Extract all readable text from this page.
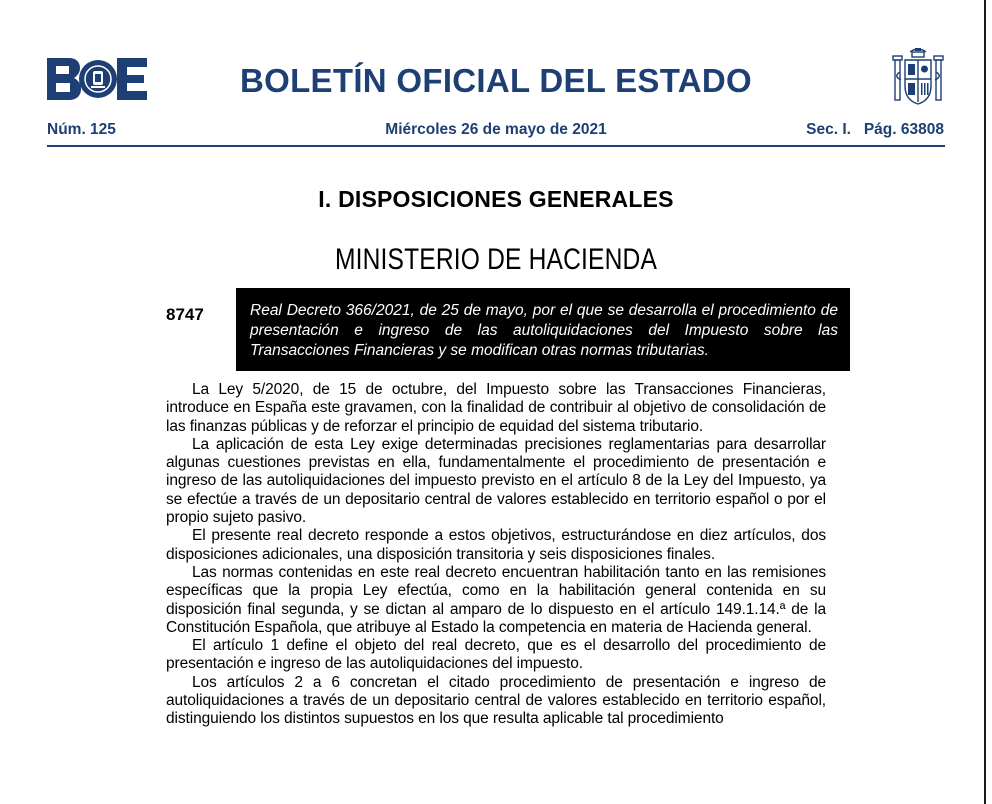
BOLETÍN OFICIAL DEL ESTADO
Núm. 125	Miércoles 26 de mayo de 2021	Sec. I.   Pág. 63808
I. DISPOSICIONES GENERALES
MINISTERIO DE HACIENDA
8747	Real Decreto 366/2021, de 25 de mayo, por el que se desarrolla el procedimiento de presentación e ingreso de las autoliquidaciones del Impuesto sobre las Transacciones Financieras y se modifican otras normas tributarias.

La Ley 5/2020, de 15 de octubre, del Impuesto sobre las Transacciones Financieras, introduce en España este gravamen, con la finalidad de contribuir al objetivo de consolidación de las finanzas públicas y de reforzar el principio de equidad del sistema tributario.

La aplicación de esta Ley exige determinadas precisiones reglamentarias para desarrollar algunas cuestiones previstas en ella, fundamentalmente el procedimiento de presentación e ingreso de las autoliquidaciones del impuesto previsto en el artículo 8 de la Ley del Impuesto, ya se efectúe a través de un depositario central de valores establecido en territorio español o por el propio sujeto pasivo.

El presente real decreto responde a estos objetivos, estructurándose en diez artículos, dos disposiciones adicionales, una disposición transitoria y seis disposiciones finales.

Las normas contenidas en este real decreto encuentran habilitación tanto en las remisiones específicas que la propia Ley efectúa, como en la habilitación general contenida en su disposición final segunda, y se dictan al amparo de lo dispuesto en el artículo 149.1.14.ª de la Constitución Española, que atribuye al Estado la competencia en materia de Hacienda general.

El artículo 1 define el objeto del real decreto, que es el desarrollo del procedimiento de presentación e ingreso de las autoliquidaciones del impuesto.

Los artículos 2 a 6 concretan el citado procedimiento de presentación e ingreso de autoliquidaciones a través de un depositario central de valores establecido en territorio español, distinguiendo los distintos supuestos en los que resulta aplicable tal procedimiento
